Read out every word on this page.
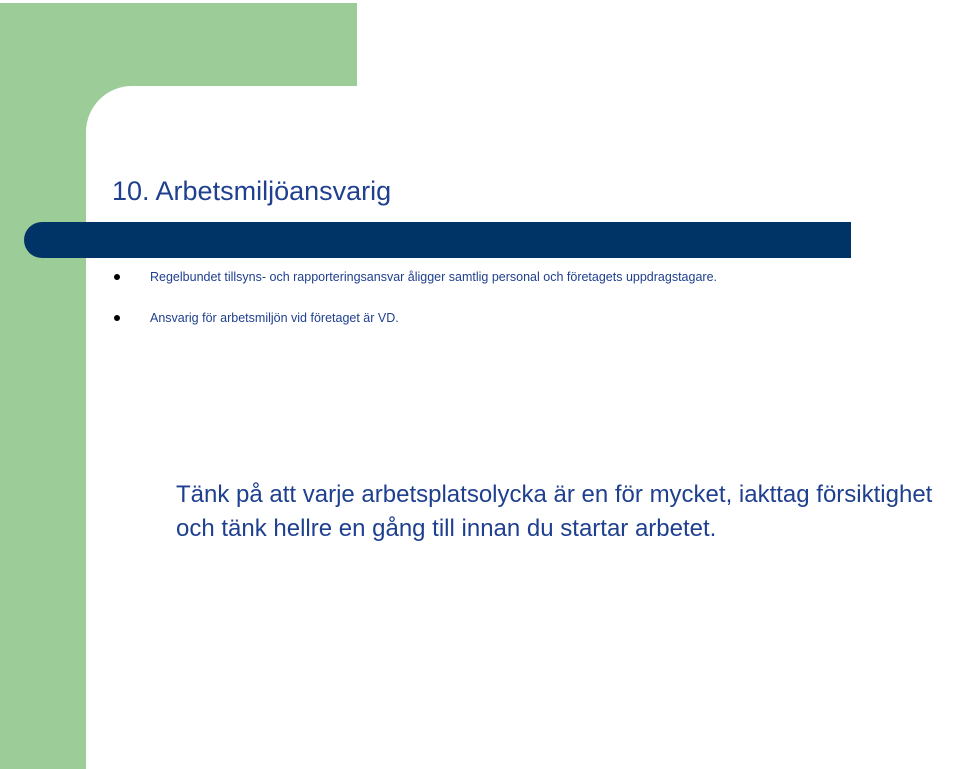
10. Arbetsmiljöansvarig
Regelbundet tillsyns- och rapporteringsansvar åligger samtlig personal och företagets uppdragstagare.
Ansvarig för arbetsmiljön vid företaget är VD.

Tänk på att varje arbetsplatsolycka är en för mycket, iakttag försiktighet och tänk hellre en gång till innan du startar arbetet.
